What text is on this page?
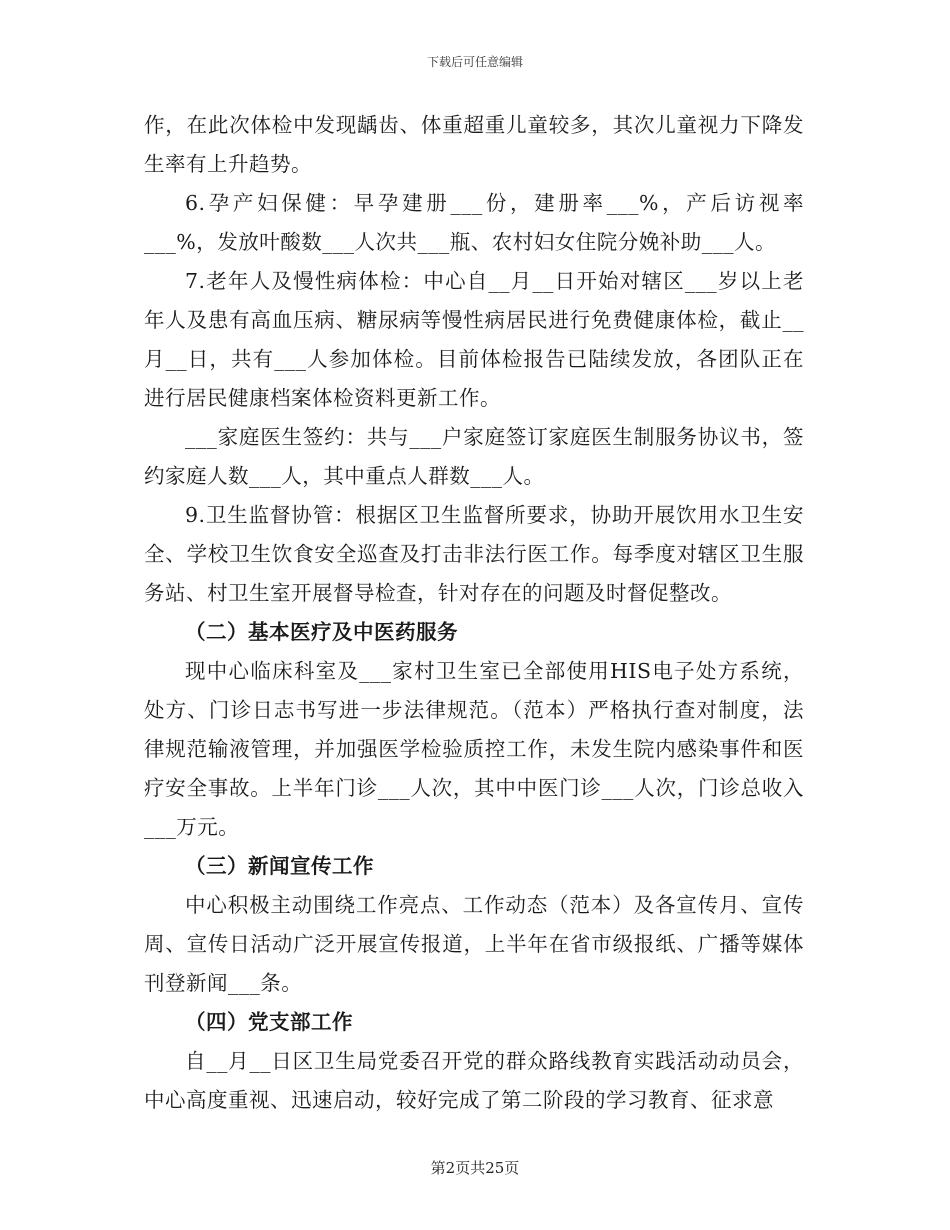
下载后可任意编辑

作，在此次体检中发现龋齿、体重超重儿童较多，其次儿童视力下降发生率有上升趋势。

6.孕产妇保健：早孕建册___份，建册率___%，产后访视率___%，发放叶酸数___人次共___瓶、农村妇女住院分娩补助___人。

7.老年人及慢性病体检：中心自__月__日开始对辖区___岁以上老年人及患有高血压病、糖尿病等慢性病居民进行免费健康体检，截止__月__日，共有___人参加体检。目前体检报告已陆续发放，各团队正在进行居民健康档案体检资料更新工作。

___家庭医生签约：共与___户家庭签订家庭医生制服务协议书，签约家庭人数___人，其中重点人群数___人。

9.卫生监督协管：根据区卫生监督所要求，协助开展饮用水卫生安全、学校卫生饮食安全巡查及打击非法行医工作。每季度对辖区卫生服务站、村卫生室开展督导检查，针对存在的问题及时督促整改。

（二）基本医疗及中医药服务

现中心临床科室及___家村卫生室已全部使用HIS电子处方系统，处方、门诊日志书写进一步法律规范。（范本）严格执行查对制度，法律规范输液管理，并加强医学检验质控工作，未发生院内感染事件和医疗安全事故。上半年门诊___人次，其中中医门诊___人次，门诊总收入___万元。

（三）新闻宣传工作

中心积极主动围绕工作亮点、工作动态（范本）及各宣传月、宣传周、宣传日活动广泛开展宣传报道，上半年在省市级报纸、广播等媒体刊登新闻___条。

（四）党支部工作

自__月__日区卫生局党委召开党的群众路线教育实践活动动员会，中心高度重视、迅速启动，较好完成了第二阶段的学习教育、征求意

第2页共25页
